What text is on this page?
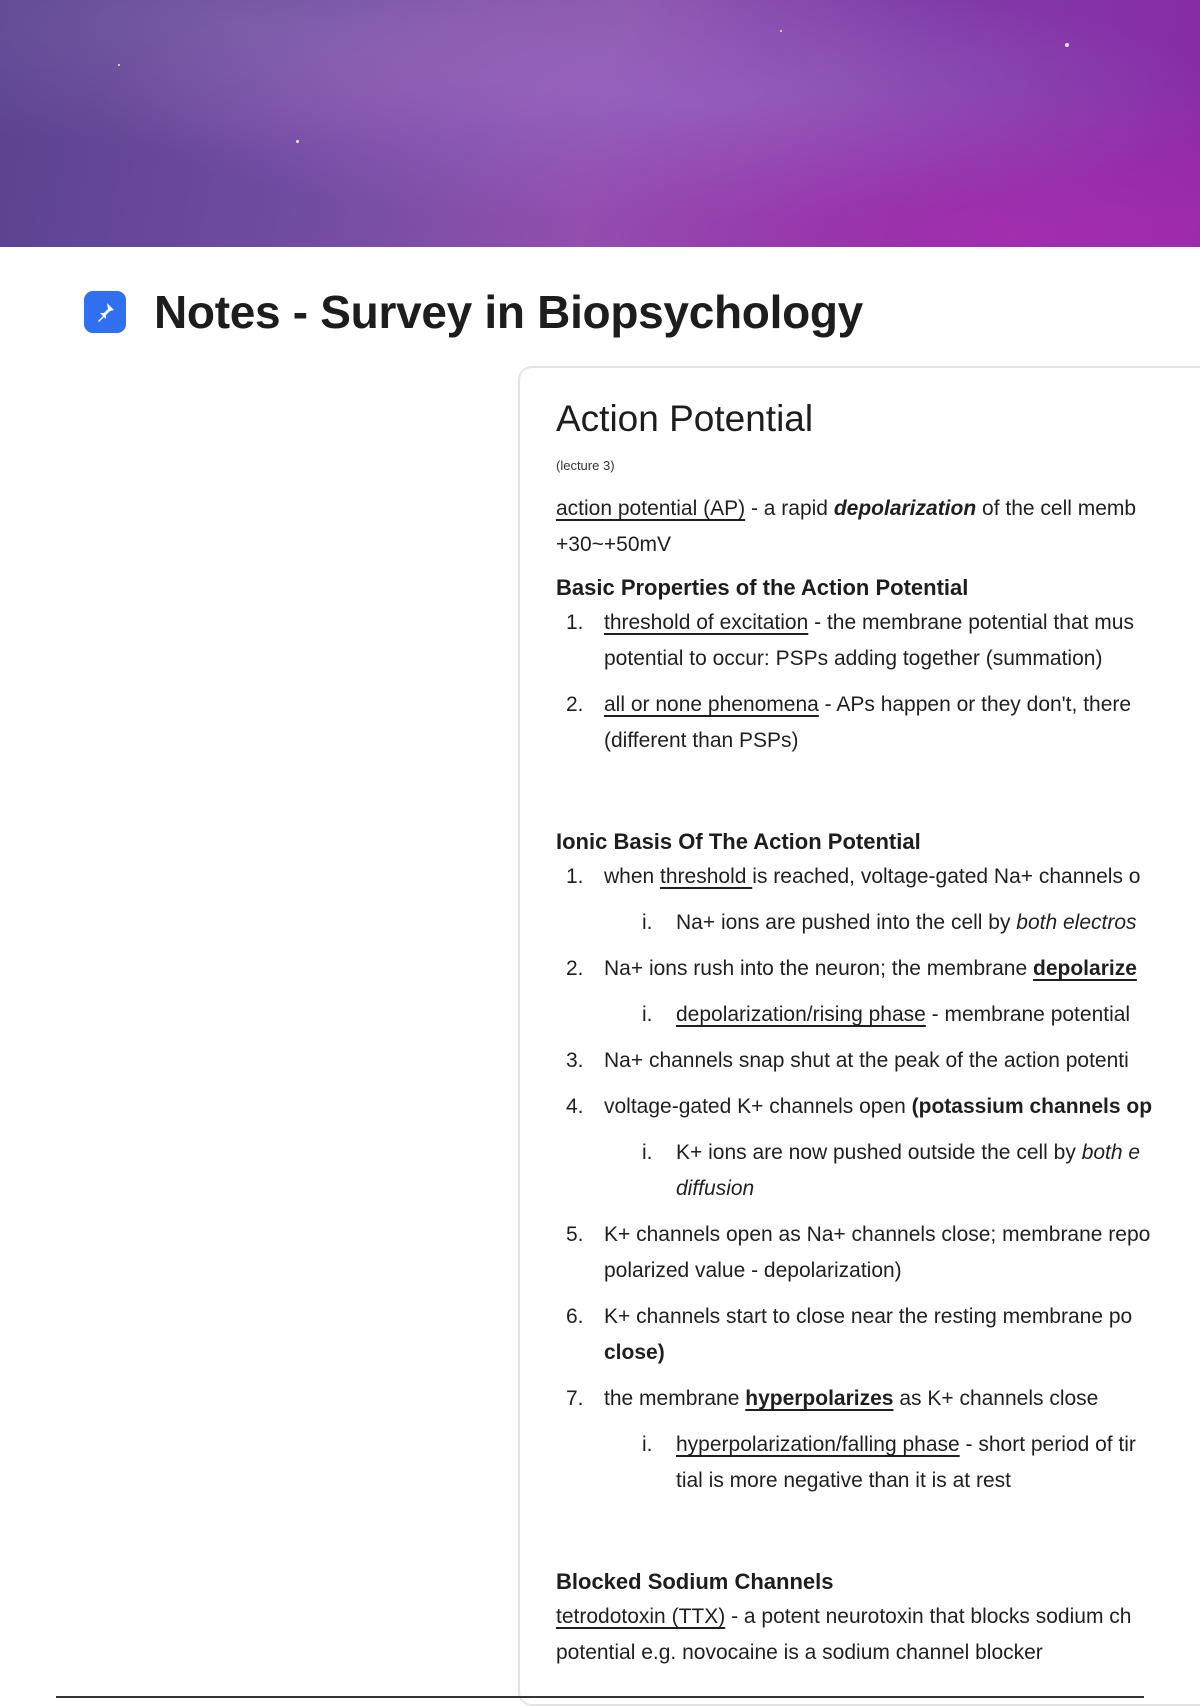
Notes - Survey in Biopsychology
Action Potential
(lecture 3)
action potential (AP) - a rapid depolarization of the cell memb
+30~+50mV
Basic Properties of the Action Potential
1. threshold of excitation - the membrane potential that mus
potential to occur: PSPs adding together (summation)
2. all or none phenomena - APs happen or they don't, there
(different than PSPs)
Ionic Basis Of The Action Potential
1. when threshold is reached, voltage-gated Na+ channels o
i. Na+ ions are pushed into the cell by both electros
2. Na+ ions rush into the neuron; the membrane depolarize
i. depolarization/rising phase - membrane potential
3. Na+ channels snap shut at the peak of the action potenti
4. voltage-gated K+ channels open (potassium channels op
i. K+ ions are now pushed outside the cell by both e
diffusion
5. K+ channels open as Na+ channels close; membrane repo
polarized value - depolarization)
6. K+ channels start to close near the resting membrane po
close)
7. the membrane hyperpolarizes as K+ channels close
i. hyperpolarization/falling phase - short period of tir
tial is more negative than it is at rest
Blocked Sodium Channels
tetrodotoxin (TTX) - a potent neurotoxin that blocks sodium ch
potential e.g. novocaine is a sodium channel blocker
